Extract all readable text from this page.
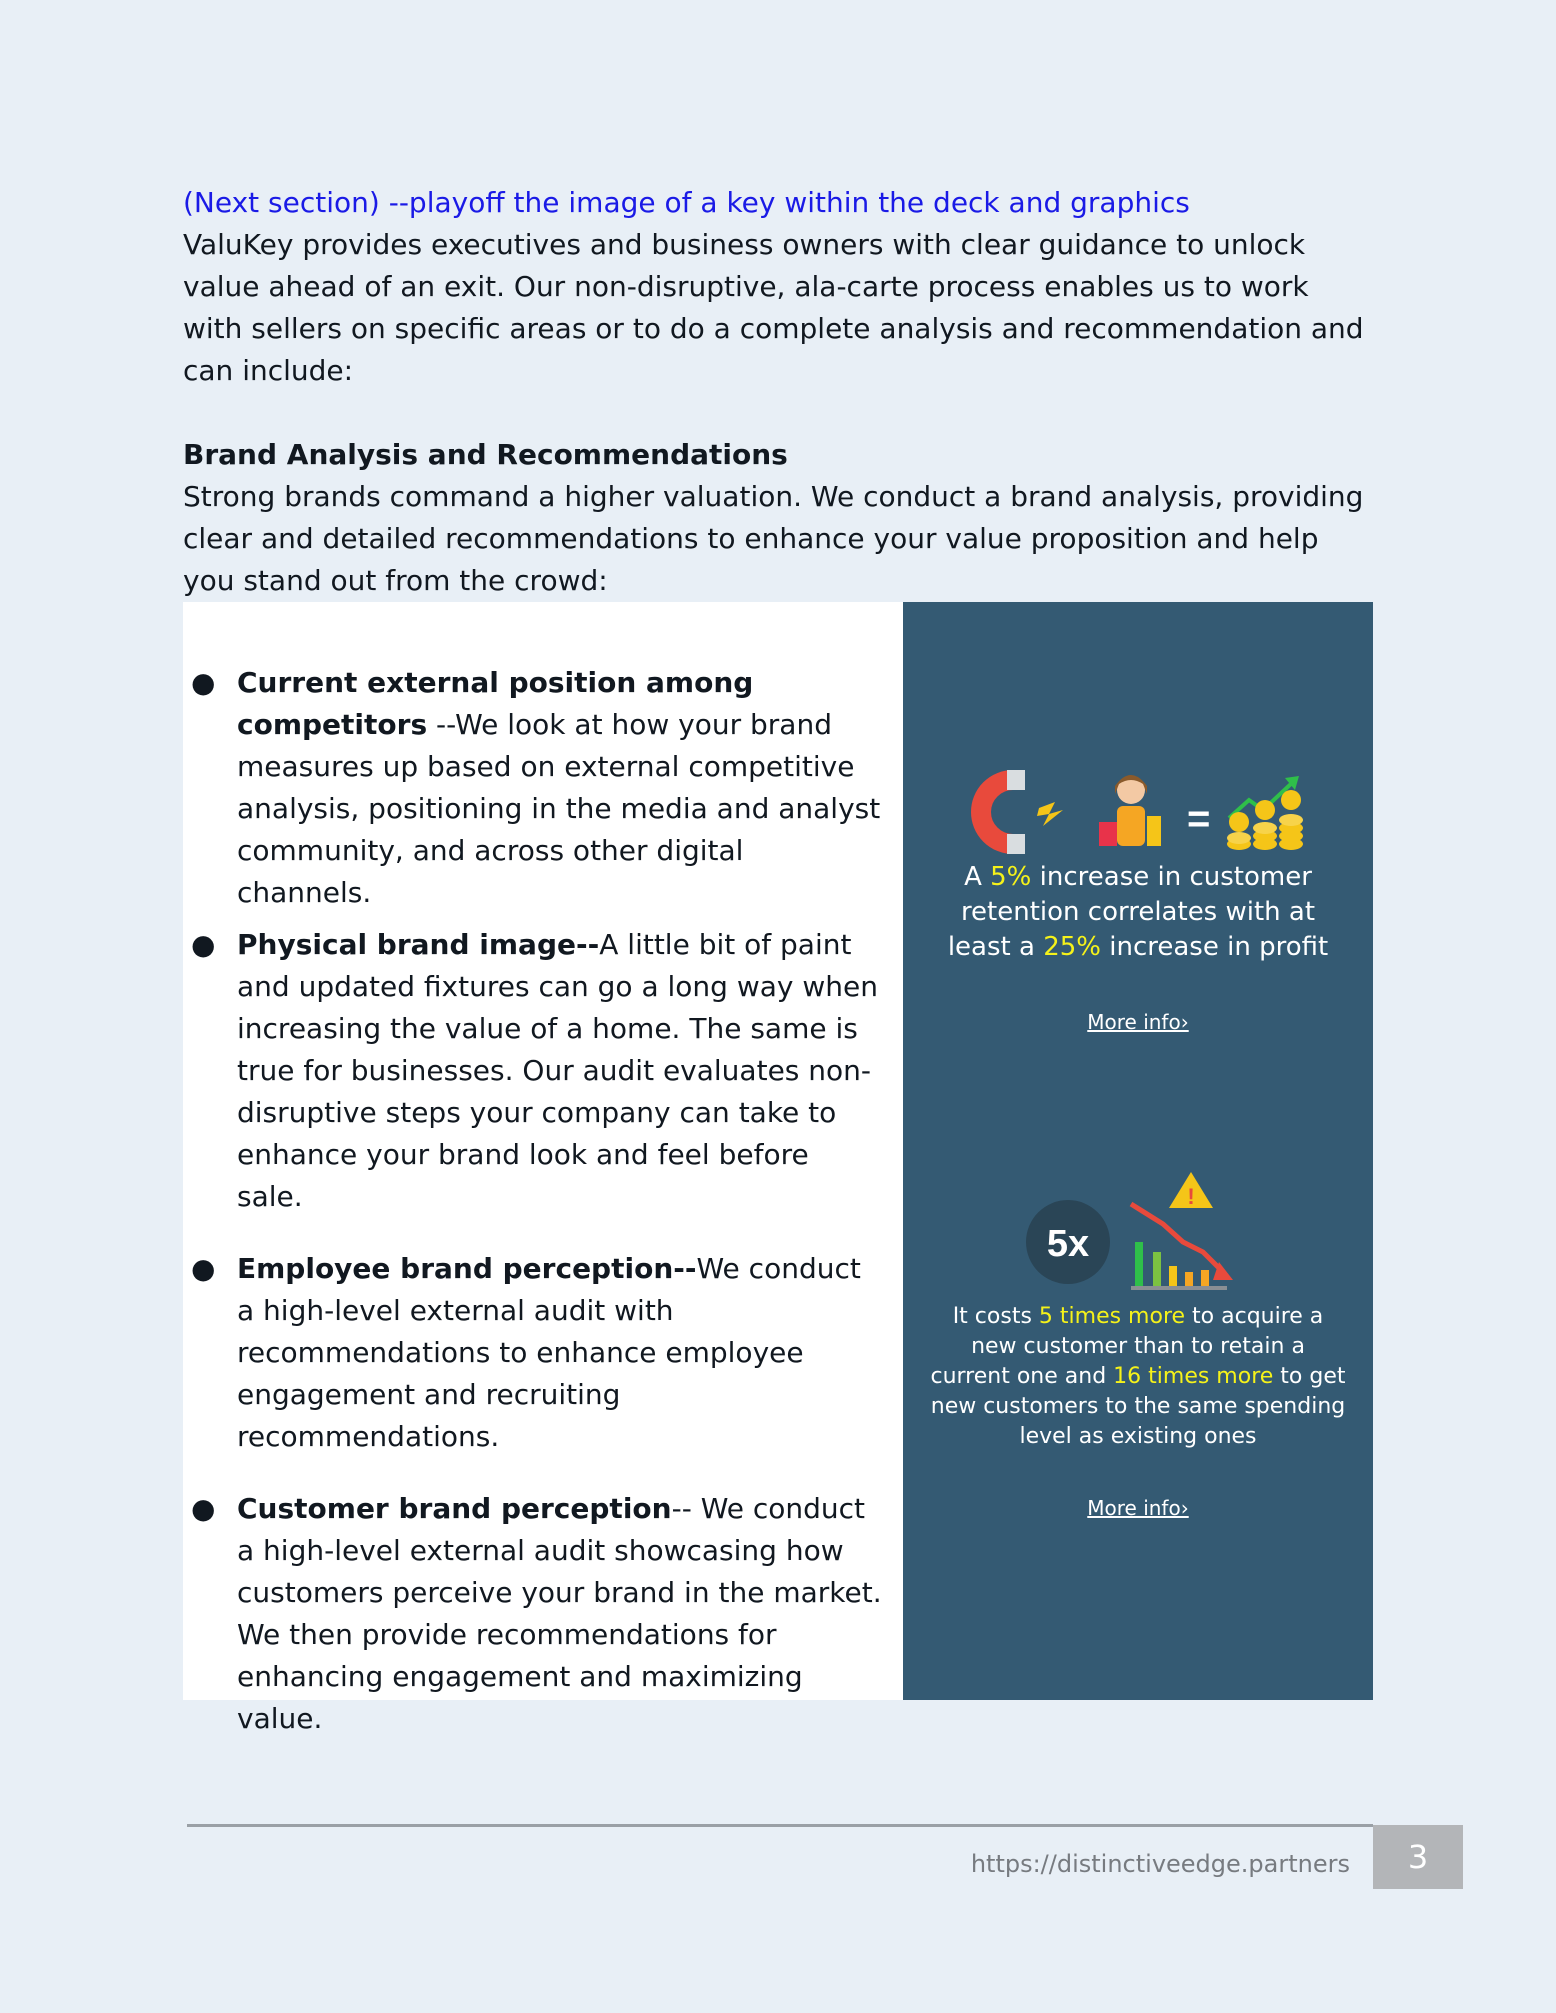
(Next section) --playoff the image of a key within the deck and graphics

ValuKey provides executives and business owners with clear guidance to unlock value ahead of an exit. Our non-disruptive, ala-carte process enables us to work with sellers on specific areas or to do a complete analysis and recommendation and can include:

Brand Analysis and Recommendations

Strong brands command a higher valuation. We conduct a brand analysis, providing clear and detailed recommendations to enhance your value proposition and help you stand out from the crowd:

● Current external position among competitors --We look at how your brand measures up based on external competitive analysis, positioning in the media and analyst community, and across other digital channels.

● Physical brand image--A little bit of paint and updated fixtures can go a long way when increasing the value of a home. The same is true for businesses. Our audit evaluates non-disruptive steps your company can take to enhance your brand look and feel before sale.

● Employee brand perception--We conduct a high-level external audit with recommendations to enhance employee engagement and recruiting recommendations.

● Customer brand perception-- We conduct a high-level external audit showcasing how customers perceive your brand in the market. We then provide recommendations for enhancing engagement and maximizing value.

=
A 5% increase in customer retention correlates with at least a 25% increase in profit
More info›
5x
!
It costs 5 times more to acquire a new customer than to retain a current one and 16 times more to get new customers to the same spending level as existing ones
More info›
https://distinctiveedge.partners	3
